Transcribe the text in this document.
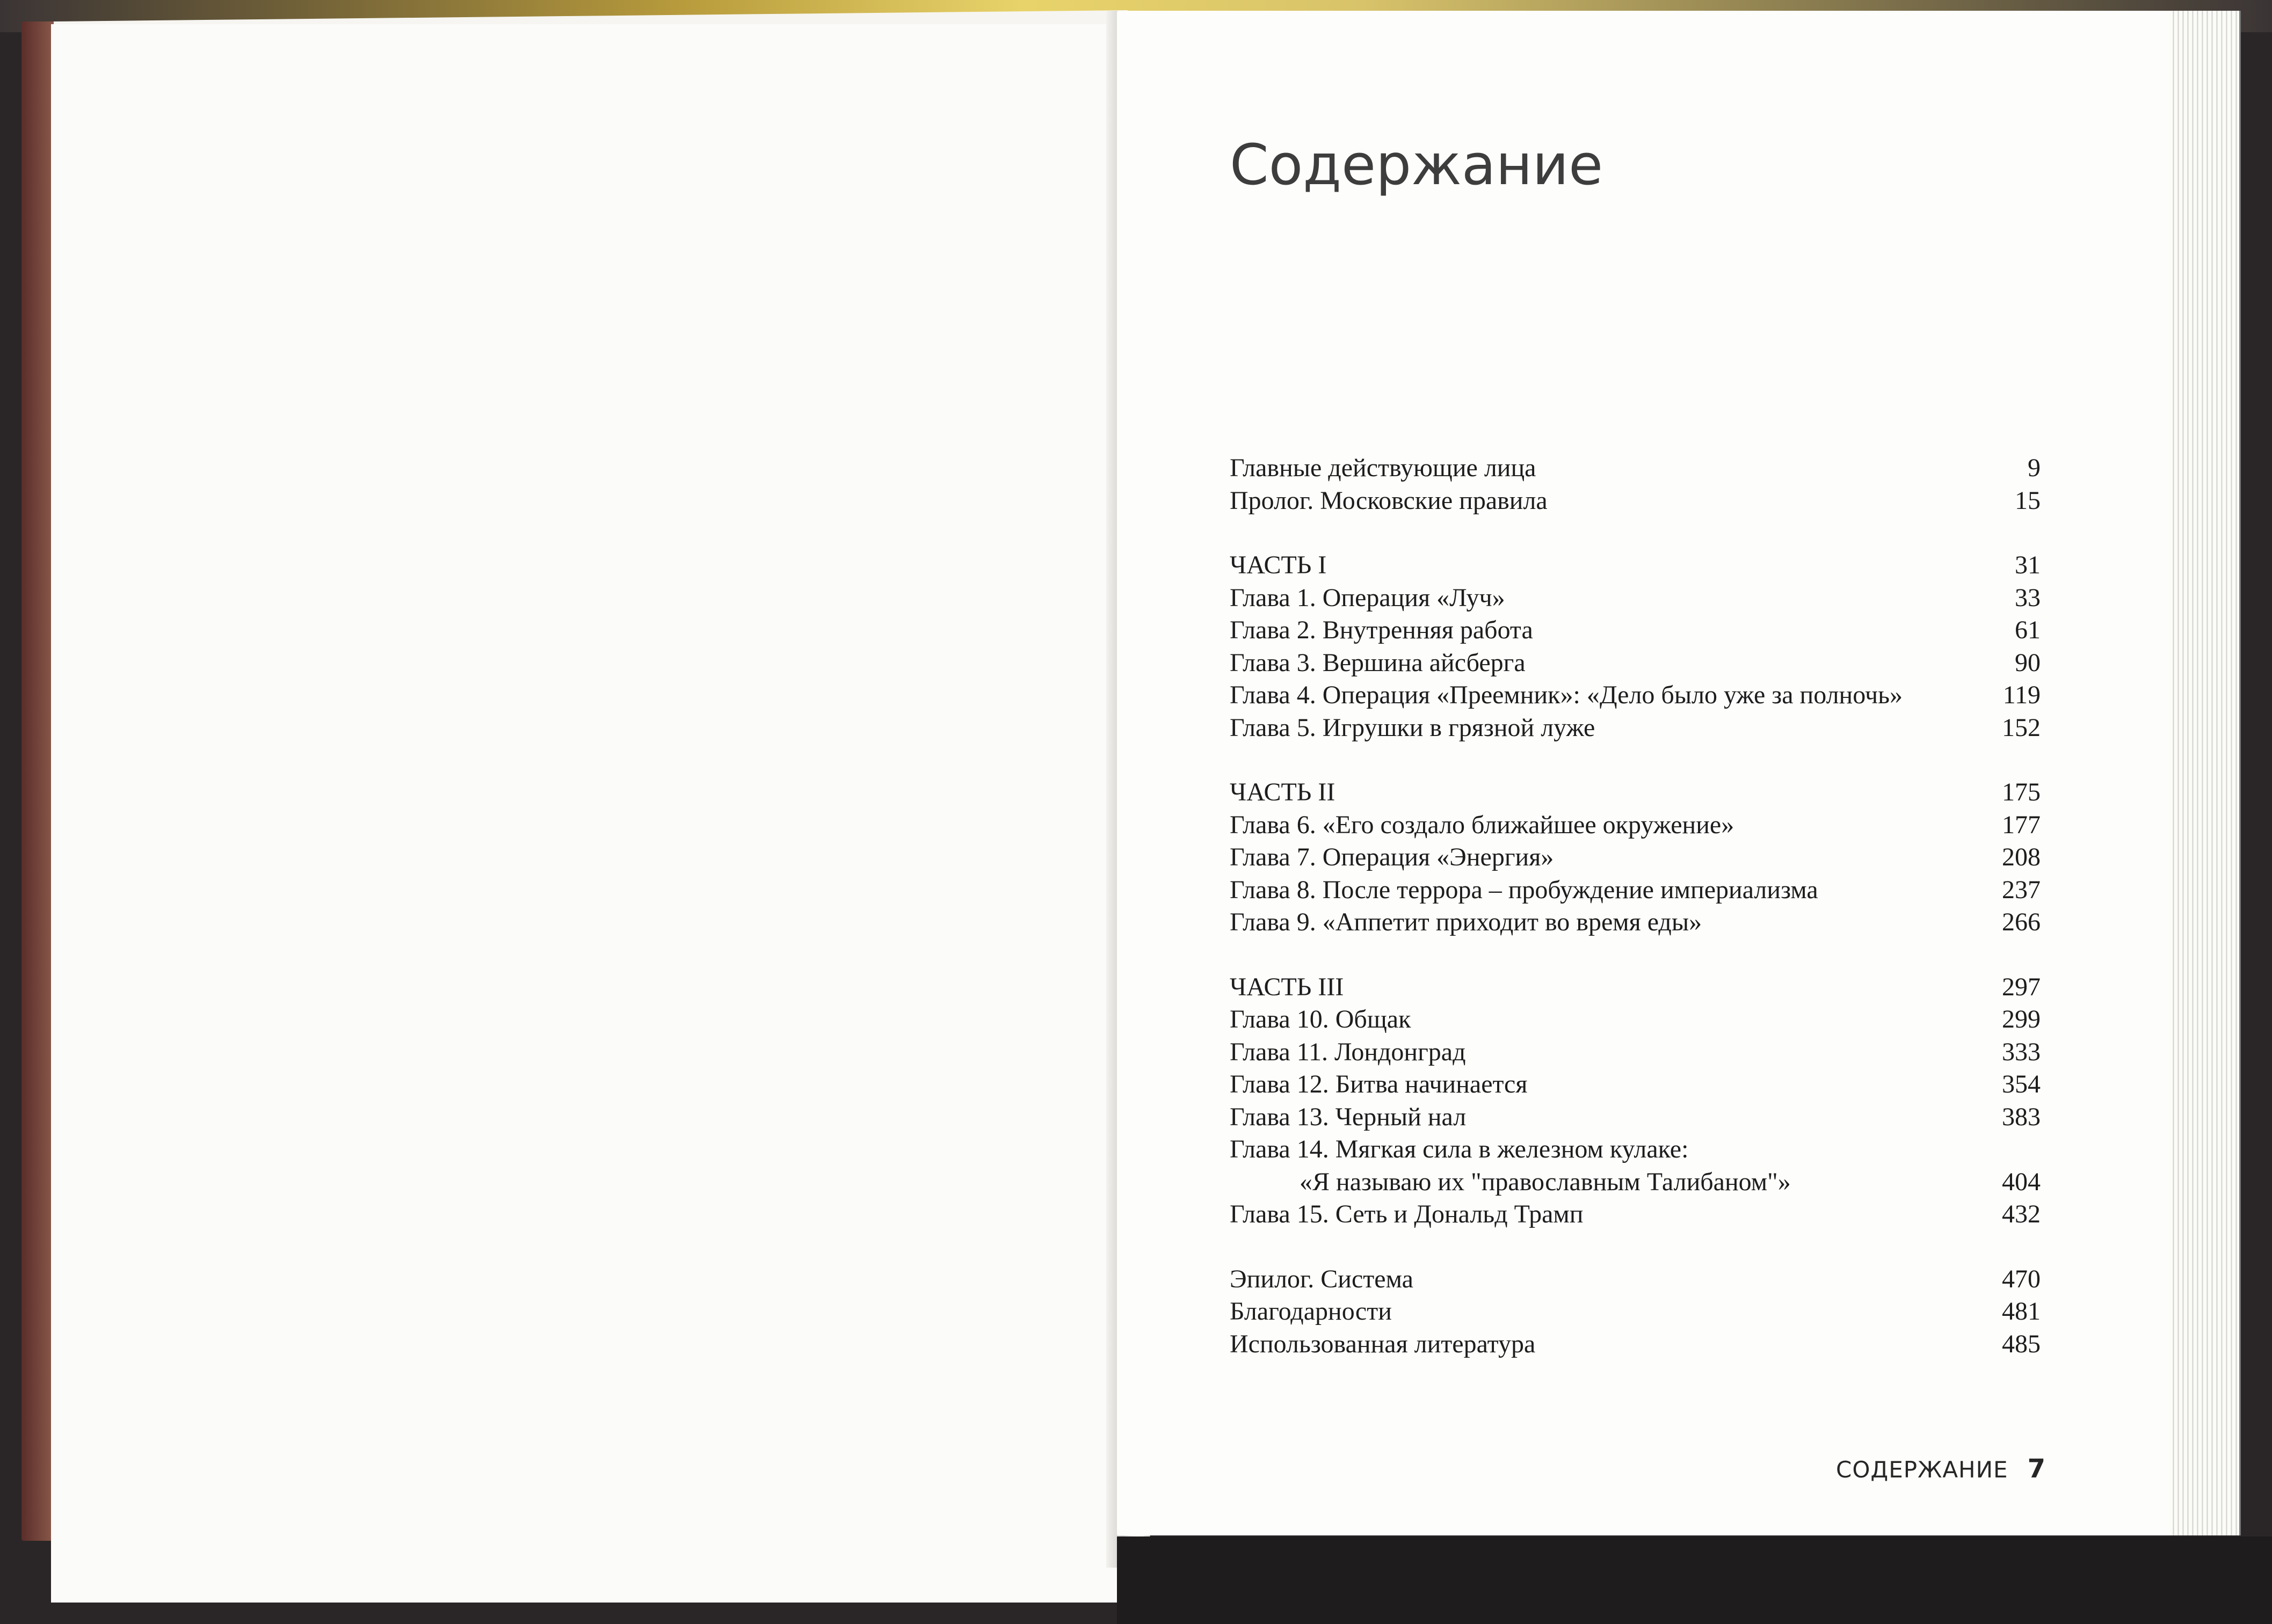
Содержание
Главные действующие лица	9
Пролог. Московские правила	15
ЧАСТЬ I	31
Глава 1. Операция «Луч»	33
Глава 2. Внутренняя работа	61
Глава 3. Вершина айсберга	90
Глава 4. Операция «Преемник»: «Дело было уже за полночь»	119
Глава 5. Игрушки в грязной луже	152
ЧАСТЬ II	175
Глава 6. «Его создало ближайшее окружение»	177
Глава 7. Операция «Энергия»	208
Глава 8. После террора – пробуждение империализма	237
Глава 9. «Аппетит приходит во время еды»	266
ЧАСТЬ III	297
Глава 10. Общак	299
Глава 11. Лондонград	333
Глава 12. Битва начинается	354
Глава 13. Черный нал	383
Глава 14. Мягкая сила в железном кулаке:
«Я называю их "православным Талибаном"»	404
Глава 15. Сеть и Дональд Трамп	432
Эпилог. Система	470
Благодарности	481
Использованная литература	485
СОДЕРЖАНИЕ 7
